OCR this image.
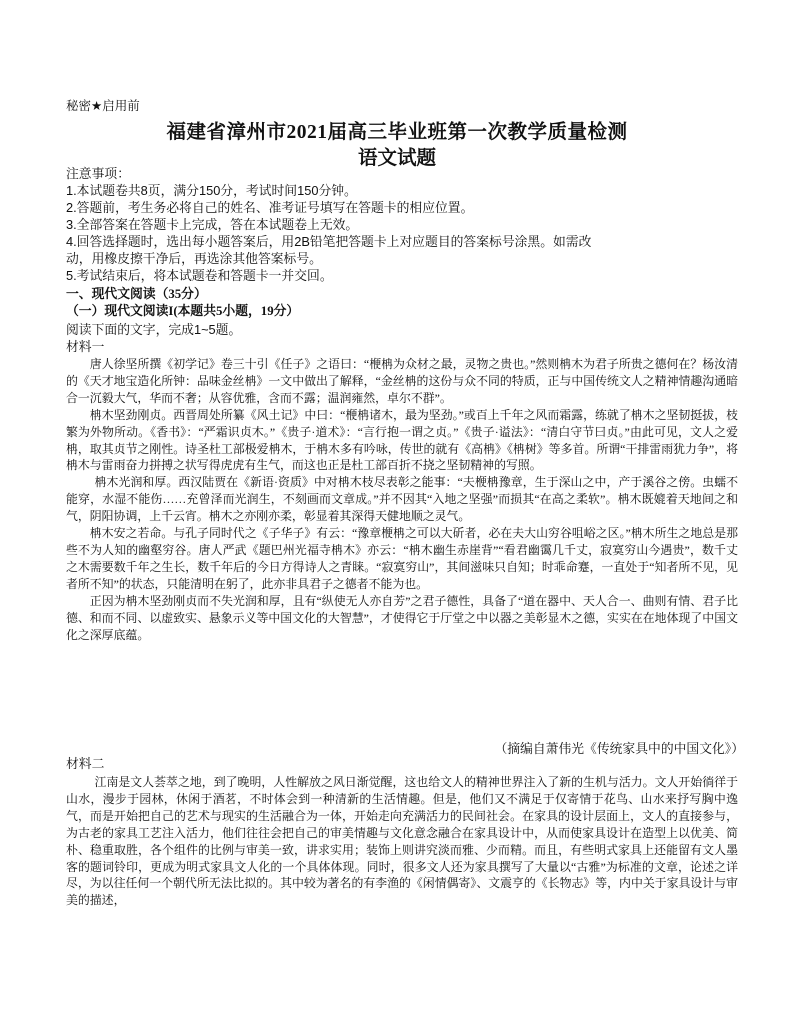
秘密★启用前
福建省漳州市2021届高三毕业班第一次教学质量检测
语文试题
注意事项：
1.本试题卷共8页，满分150分，考试时间150分钟。
2.答题前，考生务必将自己的姓名、准考证号填写在答题卡的相应位置。
3.全部答案在答题卡上完成，答在本试题卷上无效。
4.回答选择题时，选出每小题答案后，用2B铅笔把答题卡上对应题目的答案标号涂黑。如需改
动，用橡皮擦干净后，再选涂其他答案标号。
5.考试结束后，将本试题卷和答题卡一并交回。
一、现代文阅读（35分）
（一）现代文阅读I(本题共5小题，19分）
阅读下面的文字，完成1~5题。
材料一

唐人徐坚所撰《初学记》卷三十引《任子》之语曰：“楩柟为众材之最，灵物之贵也。”然则柟木为君子所贵之德何在？杨汝清的《天才地宝造化所钟：品味金丝柟》一文中做出了解释，“金丝柟的这份与众不同的特质，正与中国传统文人之精神情趣沟通暗合一沉毅大气，华而不奢；从容优雅，含而不露；温润雍然，卓尔不群”。

柟木坚劲刚贞。西晋周处所纂《风土记》中曰：“楩柟诸木，最为坚劲。”或百上千年之风而霜露，练就了柟木之坚韧挺拔，枝繁为外物所动。《香书》：“严霜识贞木。”《贵子·道术》：“言行抱一谓之贞。”《贵子·谥法》：“清白守节曰贞。”由此可见，文人之爱柟，取其贞节之刚性。诗圣杜工部极爱柟木，于柟木多有吟咏，传世的就有《高柟》《柟树》等多首。所谓“干排雷雨犹力争”，将柟木与雷雨奋力拼搏之状写得虎虎有生气，而这也正是杜工部百折不挠之坚韧精神的写照。

柟木光润和厚。西汉陆贾在《新语·资质》中对柟木枝尽表彰之能事：“夫楩柟豫章，生于深山之中，产于溪谷之傍。虫蠕不能穿，水湿不能伤……充曾泽而光润生，不刻画而文章成。”并不因其“入地之坚强”而损其“在高之柔软”。柟木既媲着天地间之和气，阴阳协调，上千云宵。柟木之亦刚亦柔，彰显着其深得天健地顺之灵气。

柟木安之若命。与孔子同时代之《子华子》有云：“豫章楩柟之可以大斫者，必在夫大山穷谷咀峪之区。”柟木所生之地总是那些不为人知的幽壑穷谷。唐人严武《题巴州光福寺柟木》亦云：“柟木幽生赤崖背”“看君幽霭几千丈，寂寞穷山今遇贵”，数千丈之木需要数千年之生长，数千年后的今日方得诗人之青睐。“寂寞穷山”，其间滋味只自知；时乖命蹇，一直处于“知者所不见，见者所不知”的状态，只能清明在躬了，此亦非具君子之德者不能为也。

正因为柟木坚劲刚贞而不失光润和厚，且有“纵使无人亦自芳”之君子德性，具备了“道在器中、天人合一、曲则有情、君子比德、和而不同、以虚致实、悬象示义等中国文化的大智慧”，才使得它于厅堂之中以器之美彰显木之德，实实在在地体现了中国文化之深厚底蕴。

（摘编自萧伟光《传统家具中的中国文化》）
材料二

江南是文人荟萃之地，到了晚明，人性解放之风日渐觉醒，这也给文人的精神世界注入了新的生机与活力。文人开始徜徉于山水，漫步于园林，休闲于酒茗，不时体会到一种清新的生活情趣。但是，他们又不满足于仅寄情于花鸟、山水来抒写胸中逸气，而是开始把自己的艺术与现实的生活融合为一体，开始走向充满活力的民间社会。在家具的设计层面上，文人的直接参与，为古老的家具工艺注入活力，他们往往会把自己的审美情趣与文化意念融合在家具设计中，从而使家具设计在造型上以优美、简朴、稳重取胜，各个组件的比例与审美一致，讲求实用；装饰上则讲究淡而雅、少而精。而且，有些明式家具上还能留有文人墨客的题词铃印，更成为明式家具文人化的一个具体体现。同时，很多文人还为家具撰写了大量以“古雅”为标准的文章，论述之详尽，为以往任何一个朝代所无法比拟的。其中较为著名的有李渔的《闲情偶寄》、文震亨的《长物志》等，内中关于家具设计与审美的描述，
